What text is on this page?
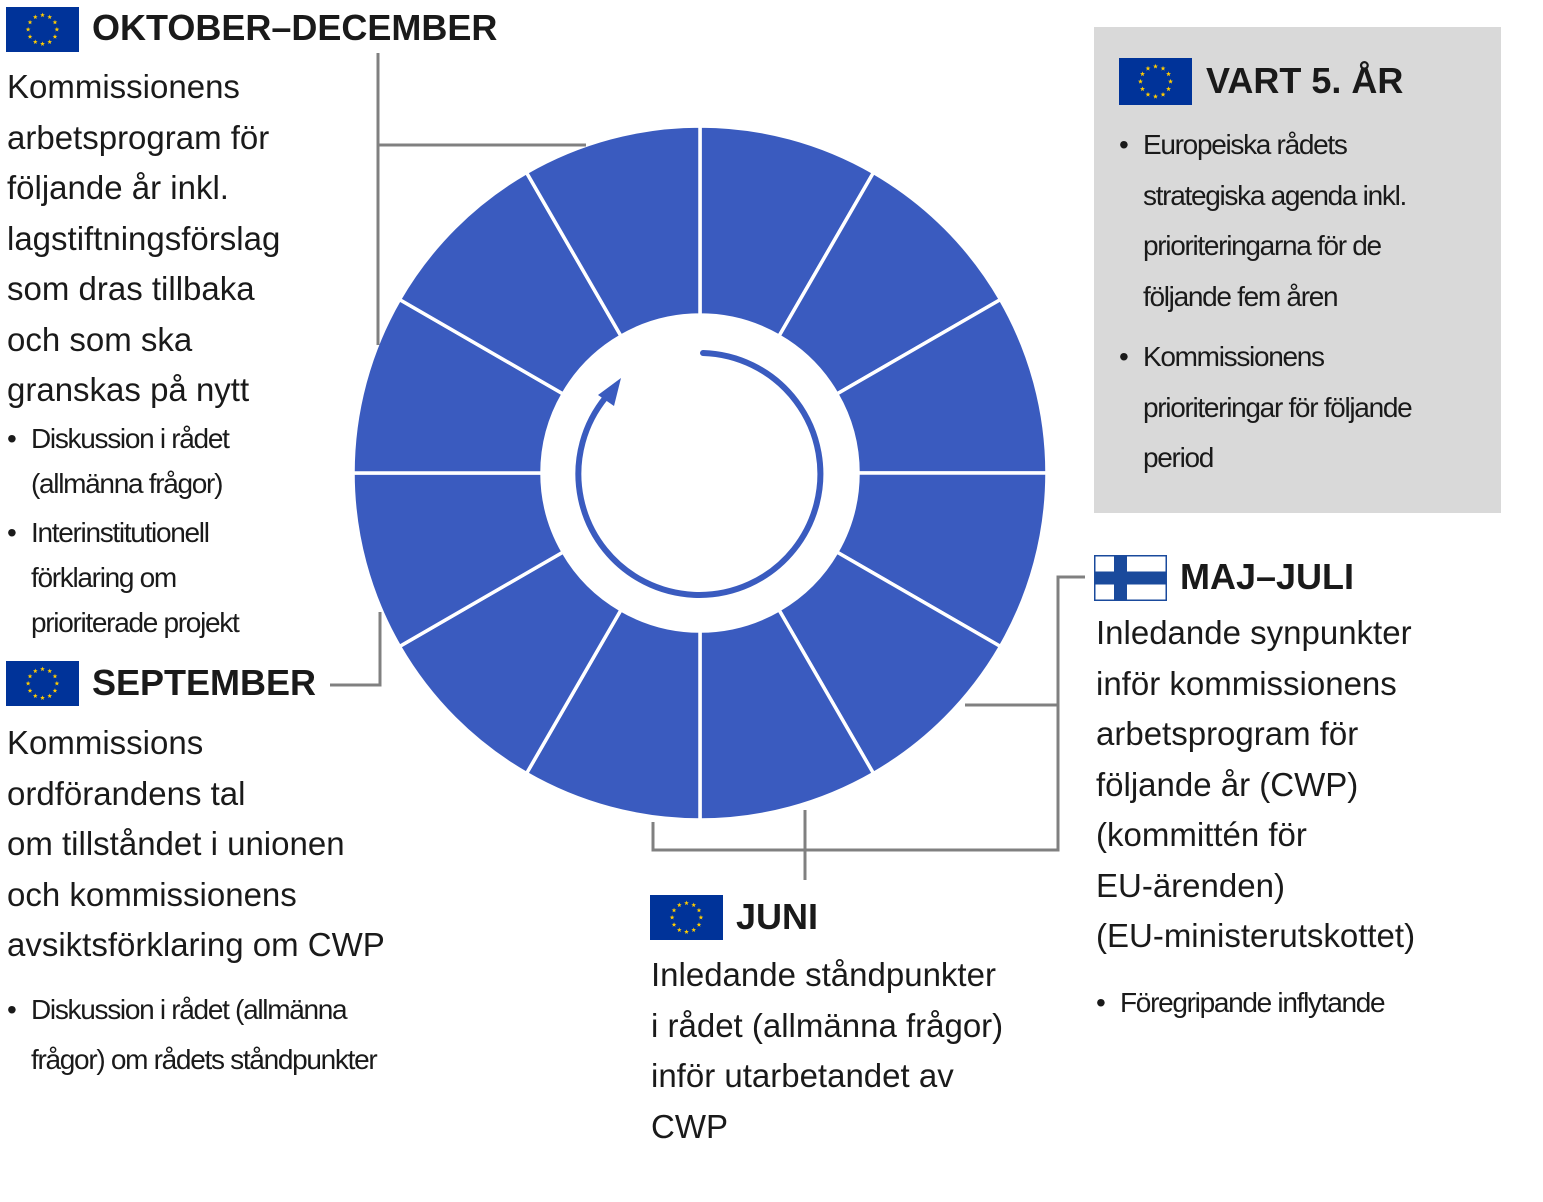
OKTOBER–DECEMBER
Kommissionens
arbetsprogram för
följande år inkl.
lagstiftningsförslag
som dras tillbaka
och som ska
granskas på nytt
• Diskussion i rådet
(allmänna frågor)
• Interinstitutionell
förklaring om
prioriterade projekt
SEPTEMBER
Kommissions
ordförandens tal
om tillståndet i unionen
och kommissionens
avsiktsförklaring om CWP
• Diskussion i rådet (allmänna
frågor) om rådets ståndpunkter
JUNI
Inledande ståndpunkter
i rådet (allmänna frågor)
inför utarbetandet av
CWP
MAJ–JULI
Inledande synpunkter
inför kommissionens
arbetsprogram för
följande år (CWP)
(kommittén för
EU-ärenden)
(EU-ministerutskottet)
• Föregripande inflytande
VART 5. ÅR
• Europeiska rådets
strategiska agenda inkl.
prioriteringarna för de
följande fem åren
• Kommissionens
prioriteringar för följande
period
